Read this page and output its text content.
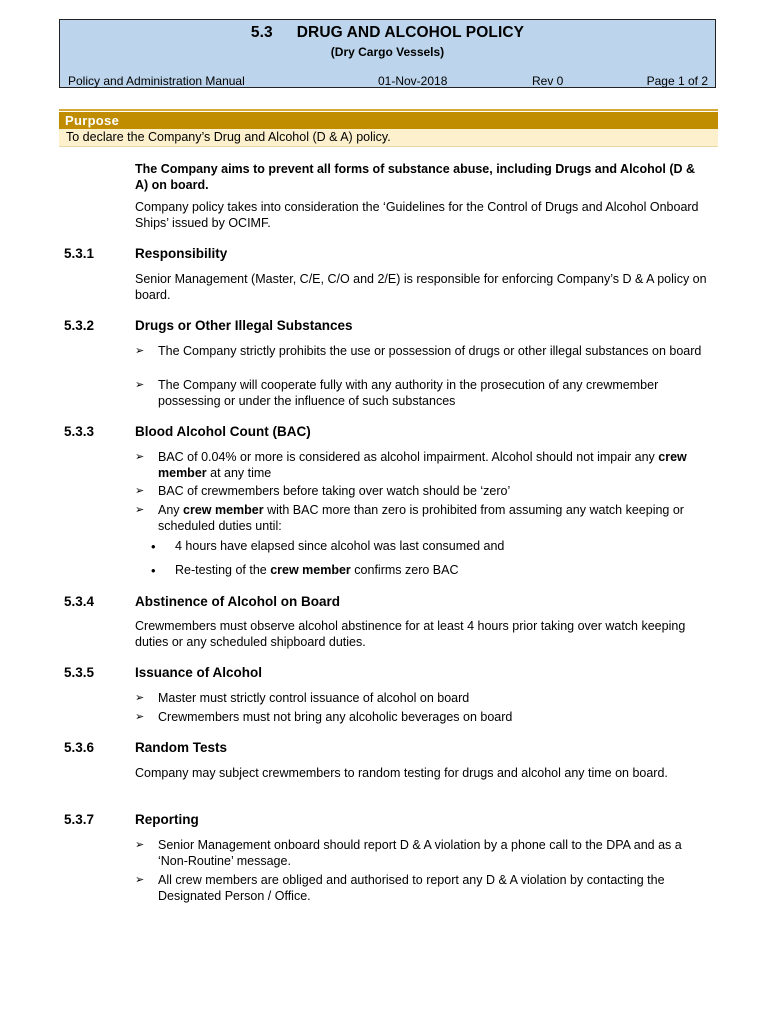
5.3 DRUG AND ALCOHOL POLICY
(Dry Cargo Vessels)
Policy and Administration Manual	01-Nov-2018	Rev 0	Page 1 of 2
Purpose
To declare the Company’s Drug and Alcohol (D & A) policy.
The Company aims to prevent all forms of substance abuse, including Drugs and Alcohol (D & A) on board.
Company policy takes into consideration the ‘Guidelines for the Control of Drugs and Alcohol Onboard Ships’ issued by OCIMF.
5.3.1	Responsibility
Senior Management (Master, C/E, C/O and 2/E) is responsible for enforcing Company’s D & A policy on board.
5.3.2	Drugs or Other Illegal Substances
➢ The Company strictly prohibits the use or possession of drugs or other illegal substances on board
➢ The Company will cooperate fully with any authority in the prosecution of any crewmember possessing or under the influence of such substances
5.3.3	Blood Alcohol Count (BAC)
➢ BAC of 0.04% or more is considered as alcohol impairment. Alcohol should not impair any crew member at any time
➢ BAC of crewmembers before taking over watch should be ‘zero’
➢ Any crew member with BAC more than zero is prohibited from assuming any watch keeping or scheduled duties until:
• 4 hours have elapsed since alcohol was last consumed and
• Re-testing of the crew member confirms zero BAC
5.3.4	Abstinence of Alcohol on Board
Crewmembers must observe alcohol abstinence for at least 4 hours prior taking over watch keeping duties or any scheduled shipboard duties.
5.3.5	Issuance of Alcohol
➢ Master must strictly control issuance of alcohol on board
➢ Crewmembers must not bring any alcoholic beverages on board
5.3.6	Random Tests
Company may subject crewmembers to random testing for drugs and alcohol any time on board.
5.3.7	Reporting
➢ Senior Management onboard should report D & A violation by a phone call to the DPA and as a ‘Non-Routine’ message.
➢ All crew members are obliged and authorised to report any D & A violation by contacting the Designated Person / Office.
